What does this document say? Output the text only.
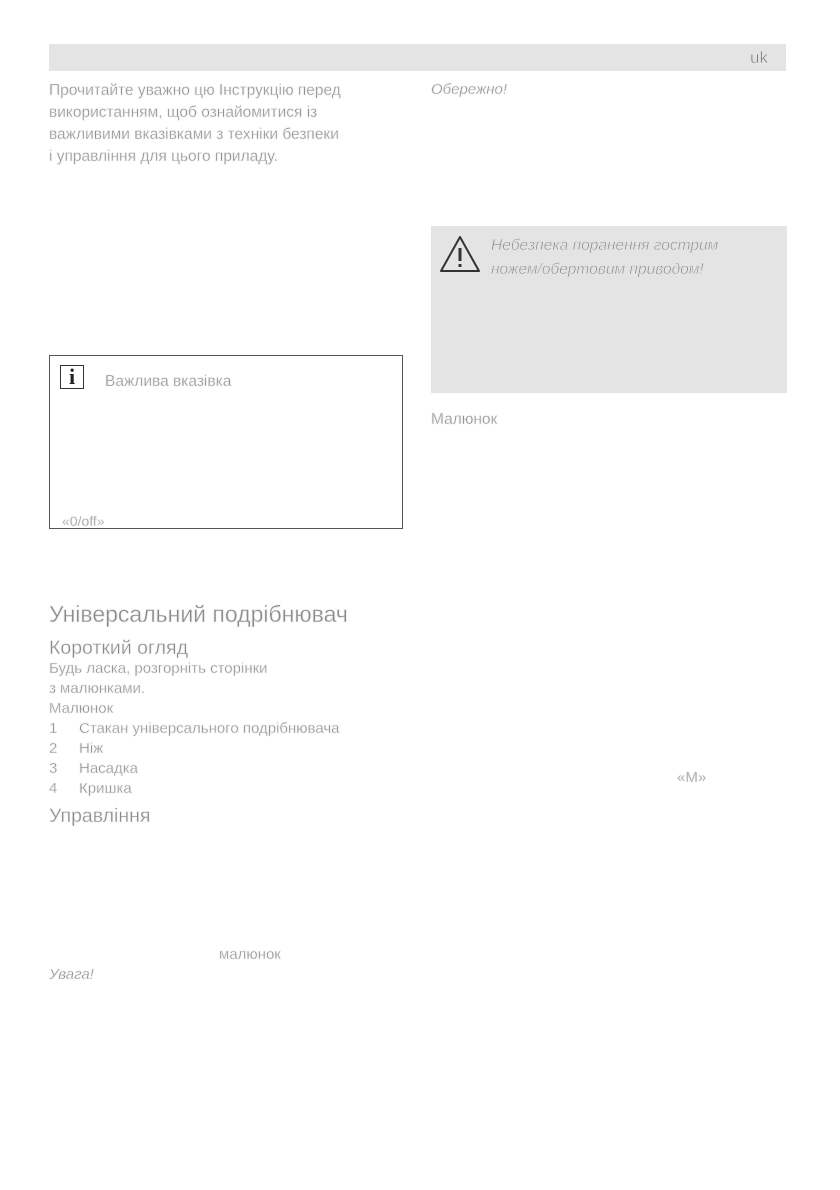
uk

Прочитайте уважно цю Інструкцію перед
використанням, щоб ознайомитися із
важливими вказівками з техніки безпеки
і управління для цього приладу.

i	Важлива вказівка
«0/off»
Універсальний подрібнювач
Короткий огляд

Будь ласка, розгорніть сторінки
з малюнками.
Малюнок

1	Стакан універсального подрібнювача
2	Ніж
3	Насадка
4	Кришка
Управління

малюнок

Увага!

Обережно!

Небезпека поранення гострим
ножем/обертовим приводом!

Малюнок

«M»
